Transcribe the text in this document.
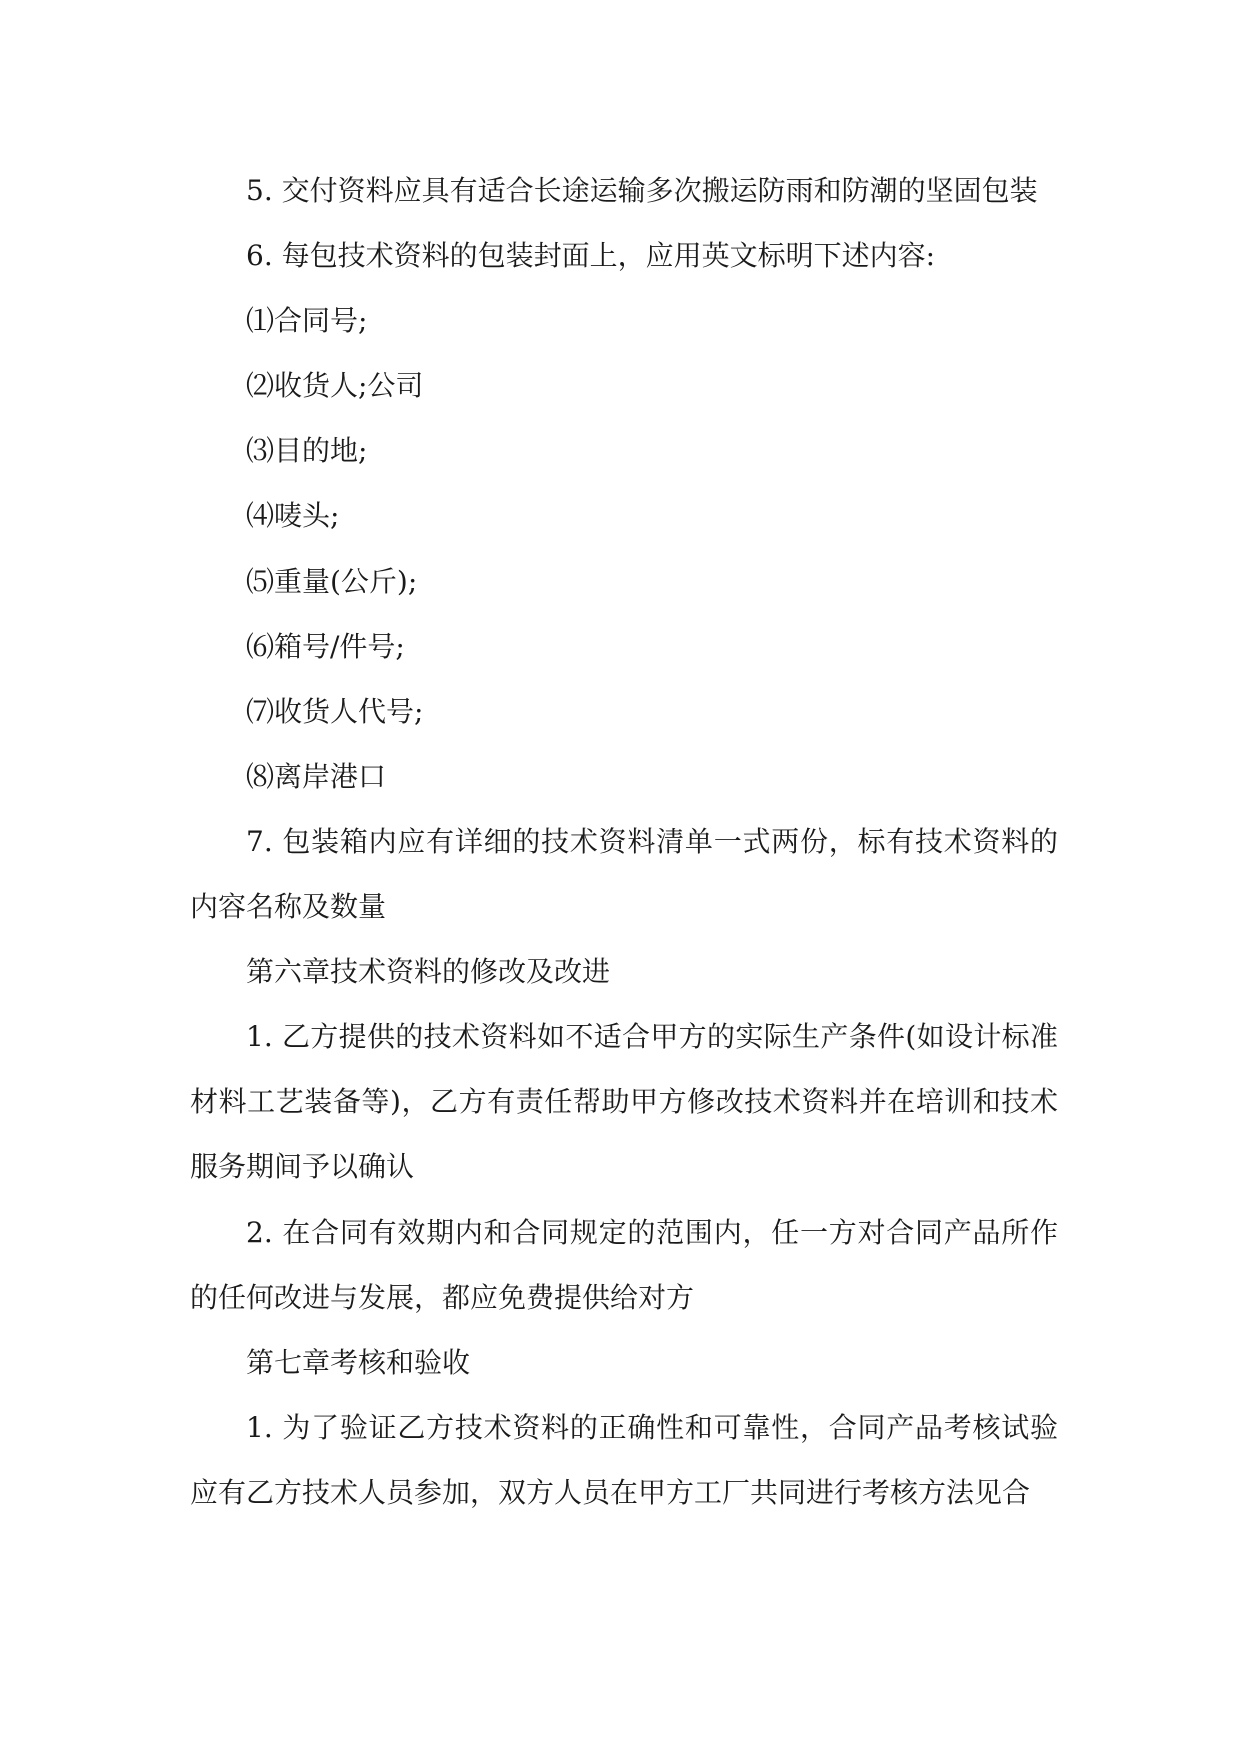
5. 交付资料应具有适合长途运输多次搬运防雨和防潮的坚固包装

6. 每包技术资料的包装封面上，应用英文标明下述内容:

⑴合同号;

⑵收货人;公司

⑶目的地;

⑷唛头;

⑸重量(公斤);

⑹箱号/件号;

⑺收货人代号;

⑻离岸港口

7. 包装箱内应有详细的技术资料清单一式两份，标有技术资料的内容名称及数量

第六章技术资料的修改及改进

1. 乙方提供的技术资料如不适合甲方的实际生产条件(如设计标准材料工艺装备等)，乙方有责任帮助甲方修改技术资料并在培训和技术服务期间予以确认

2. 在合同有效期内和合同规定的范围内，任一方对合同产品所作的任何改进与发展，都应免费提供给对方

第七章考核和验收

1. 为了验证乙方技术资料的正确性和可靠性，合同产品考核试验应有乙方技术人员参加，双方人员在甲方工厂共同进行考核方法见合
